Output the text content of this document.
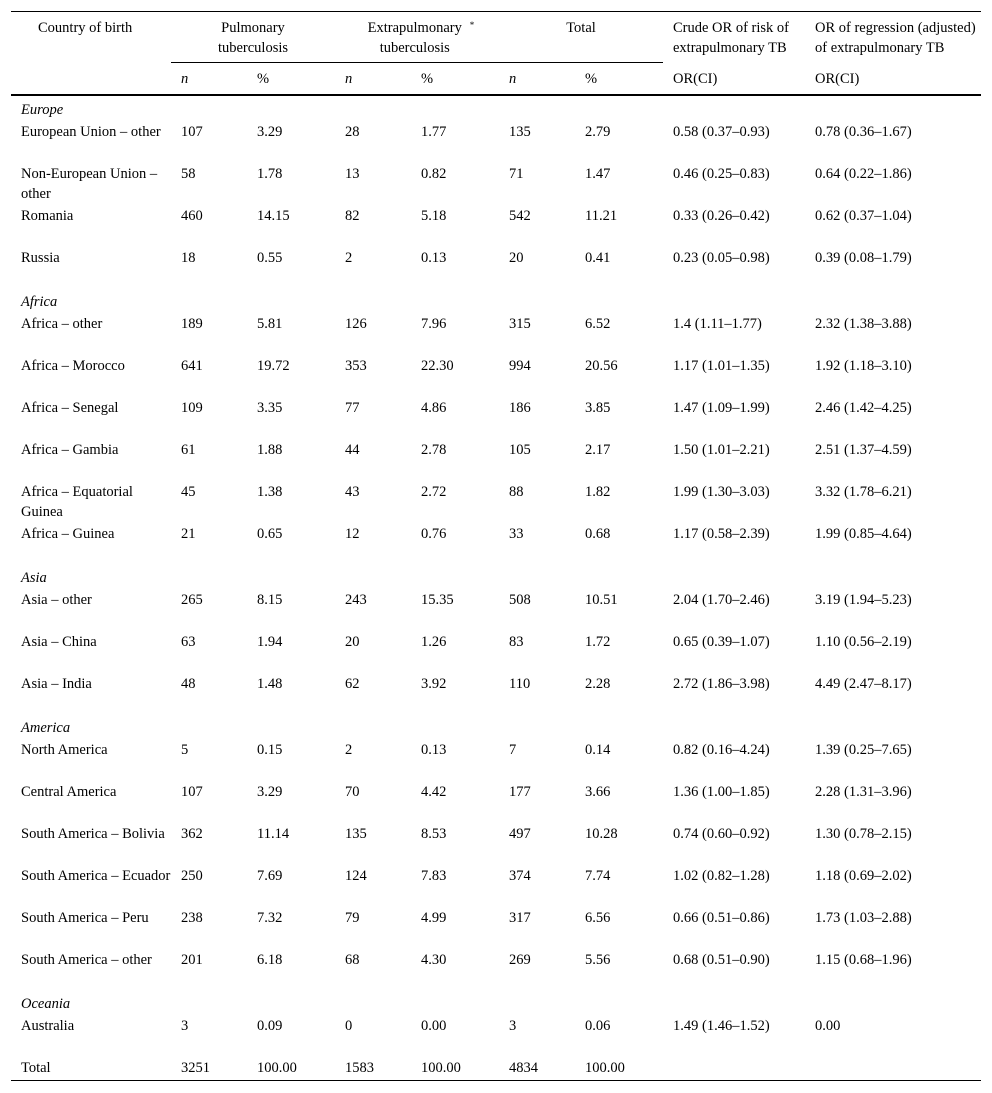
Country of birth	Pulmonary tuberculosis		Extrapulmonary tuberculosis*		Total		Crude OR of risk of extrapulmonary TB	OR of regression (adjusted) of extrapulmonary TB
	n	%	n	%	n	%	OR(CI)	OR(CI)
Europe								
European Union – other	107	3.29	28	1.77	135	2.79	0.58 (0.37–0.93)	0.78 (0.36–1.67)
Non-European Union – other	58	1.78	13	0.82	71	1.47	0.46 (0.25–0.83)	0.64 (0.22–1.86)
Romania	460	14.15	82	5.18	542	11.21	0.33 (0.26–0.42)	0.62 (0.37–1.04)
Russia	18	0.55	2	0.13	20	0.41	0.23 (0.05–0.98)	0.39 (0.08–1.79)
Africa								
Africa – other	189	5.81	126	7.96	315	6.52	1.4 (1.11–1.77)	2.32 (1.38–3.88)
Africa – Morocco	641	19.72	353	22.30	994	20.56	1.17 (1.01–1.35)	1.92 (1.18–3.10)
Africa – Senegal	109	3.35	77	4.86	186	3.85	1.47 (1.09–1.99)	2.46 (1.42–4.25)
Africa – Gambia	61	1.88	44	2.78	105	2.17	1.50 (1.01–2.21)	2.51 (1.37–4.59)
Africa – Equatorial Guinea	45	1.38	43	2.72	88	1.82	1.99 (1.30–3.03)	3.32 (1.78–6.21)
Africa – Guinea	21	0.65	12	0.76	33	0.68	1.17 (0.58–2.39)	1.99 (0.85–4.64)
Asia								
Asia – other	265	8.15	243	15.35	508	10.51	2.04 (1.70–2.46)	3.19 (1.94–5.23)
Asia – China	63	1.94	20	1.26	83	1.72	0.65 (0.39–1.07)	1.10 (0.56–2.19)
Asia – India	48	1.48	62	3.92	110	2.28	2.72 (1.86–3.98)	4.49 (2.47–8.17)
America								
North America	5	0.15	2	0.13	7	0.14	0.82 (0.16–4.24)	1.39 (0.25–7.65)
Central America	107	3.29	70	4.42	177	3.66	1.36 (1.00–1.85)	2.28 (1.31–3.96)
South America – Bolivia	362	11.14	135	8.53	497	10.28	0.74 (0.60–0.92)	1.30 (0.78–2.15)
South America – Ecuador	250	7.69	124	7.83	374	7.74	1.02 (0.82–1.28)	1.18 (0.69–2.02)
South America – Peru	238	7.32	79	4.99	317	6.56	0.66 (0.51–0.86)	1.73 (1.03–2.88)
South America – other	201	6.18	68	4.30	269	5.56	0.68 (0.51–0.90)	1.15 (0.68–1.96)
Oceania								
Australia	3	0.09	0	0.00	3	0.06	1.49 (1.46–1.52)	0.00
Total	3251	100.00	1583	100.00	4834	100.00		
